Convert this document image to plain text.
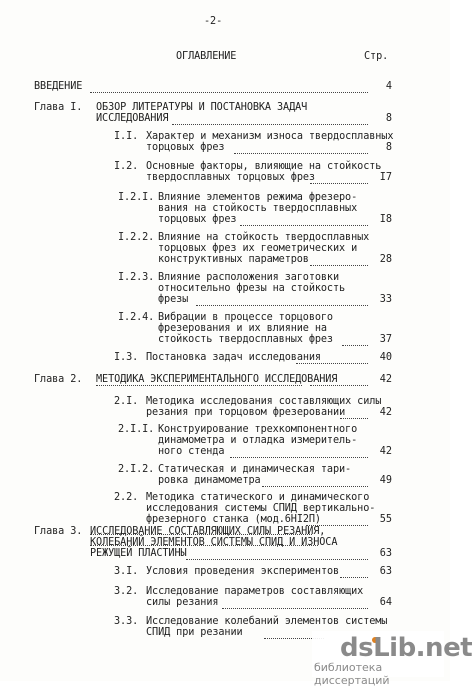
-2-
ОГЛАВЛЕНИЕ	Стр.
ВВЕДЕНИЕ	4
Глава I. ОБЗОР ЛИТЕРАТУРЫ И ПОСТАНОВКА ЗАДАЧ
ИССЛЕДОВАНИЯ	8
I.I. Характер и механизм износа твердосплавных
торцовых фрез	8
I.2. Основные факторы, влияющие на стойкость
твердосплавных торцовых фрез	I7
I.2.I. Влияние элементов режима фрезеро-
вания на стойкость твердосплавных
торцовых фрез	I8
I.2.2. Влияние на стойкость твердосплавных
торцовых фрез их геометрических и
конструктивных параметров	28
I.2.3. Влияние расположения заготовки
относительно фрезы на стойкость
фрезы	33
I.2.4. Вибрации в процессе торцового
фрезерования и их влияние на
стойкость твердосплавных фрез	37
I.3. Постановка задач исследования	40
Глава 2. МЕТОДИКА ЭКСПЕРИМЕНТАЛЬНОГО ИССЛЕДОВАНИЯ	42
2.I. Методика исследования составляющих силы
резания при торцовом фрезеровании	42
2.I.I. Конструирование трехкомпонентного
динамометра и отладка измеритель-
ного стенда	42
2.I.2. Статическая и динамическая тари-
ровка динамометра	49
2.2. Методика статического и динамического
исследования системы СПИД вертикально-
фрезерного станка (мод.6HI2П)	55
Глава 3. ИССЛЕДОВАНИЕ СОСТАВЛЯЮЩИХ СИЛЫ РЕЗАНИЯ,
КОЛЕБАНИЙ ЭЛЕМЕНТОВ СИСТЕМЫ СПИД И ИЗНОСА
РЕЖУЩЕЙ ПЛАСТИНЫ	63
3.I. Условия проведения экспериментов	63
3.2. Исследование параметров составляющих
силы резания	64
3.3. Исследование колебаний элементов системы
СПИД при резании
dsLib.net
библиотека диссертаций
